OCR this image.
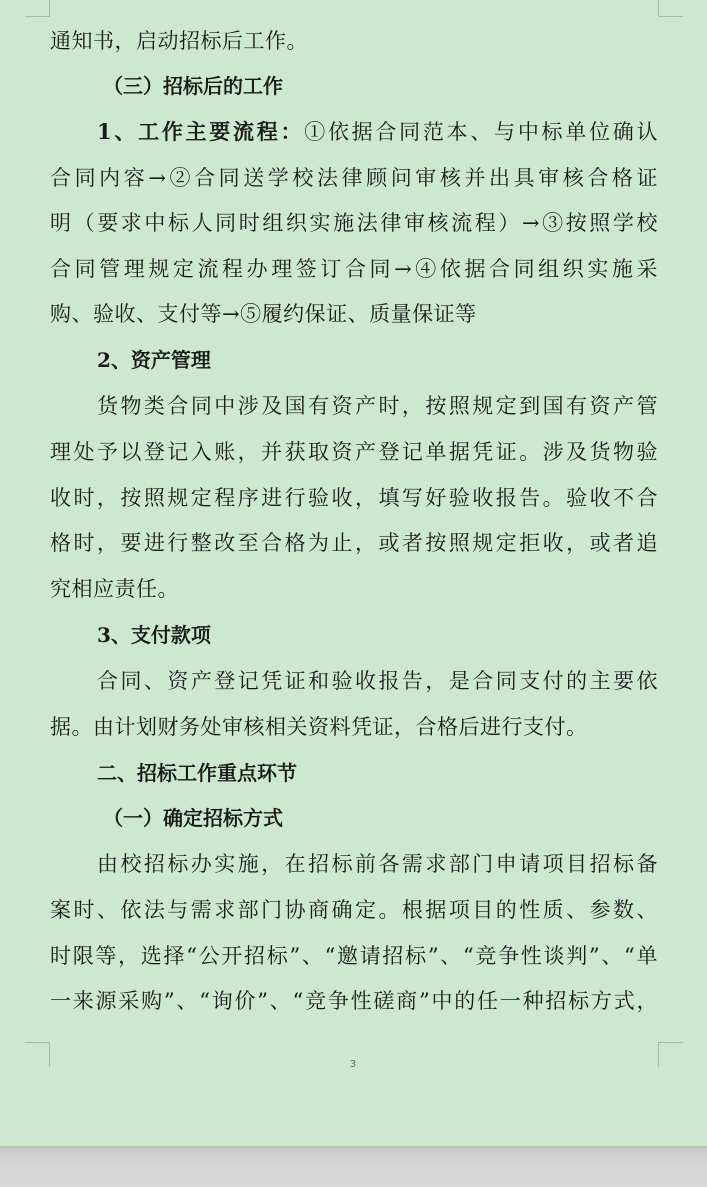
通知书，启动招标后工作。
（三）招标后的工作
1、工作主要流程：①依据合同范本、与中标单位确认
合同内容→②合同送学校法律顾问审核并出具审核合格证
明（要求中标人同时组织实施法律审核流程）→③按照学校
合同管理规定流程办理签订合同→④依据合同组织实施采
购、验收、支付等→⑤履约保证、质量保证等
2、资产管理
货物类合同中涉及国有资产时，按照规定到国有资产管
理处予以登记入账，并获取资产登记单据凭证。涉及货物验
收时，按照规定程序进行验收，填写好验收报告。验收不合
格时，要进行整改至合格为止，或者按照规定拒收，或者追
究相应责任。
3、支付款项
合同、资产登记凭证和验收报告，是合同支付的主要依
据。由计划财务处审核相关资料凭证，合格后进行支付。
二、招标工作重点环节
（一）确定招标方式
由校招标办实施，在招标前各需求部门申请项目招标备
案时、依法与需求部门协商确定。根据项目的性质、参数、
时限等，选择“公开招标”、“邀请招标”、“竞争性谈判”、“单
一来源采购”、“询价”、“竞争性磋商”中的任一种招标方式，
3
